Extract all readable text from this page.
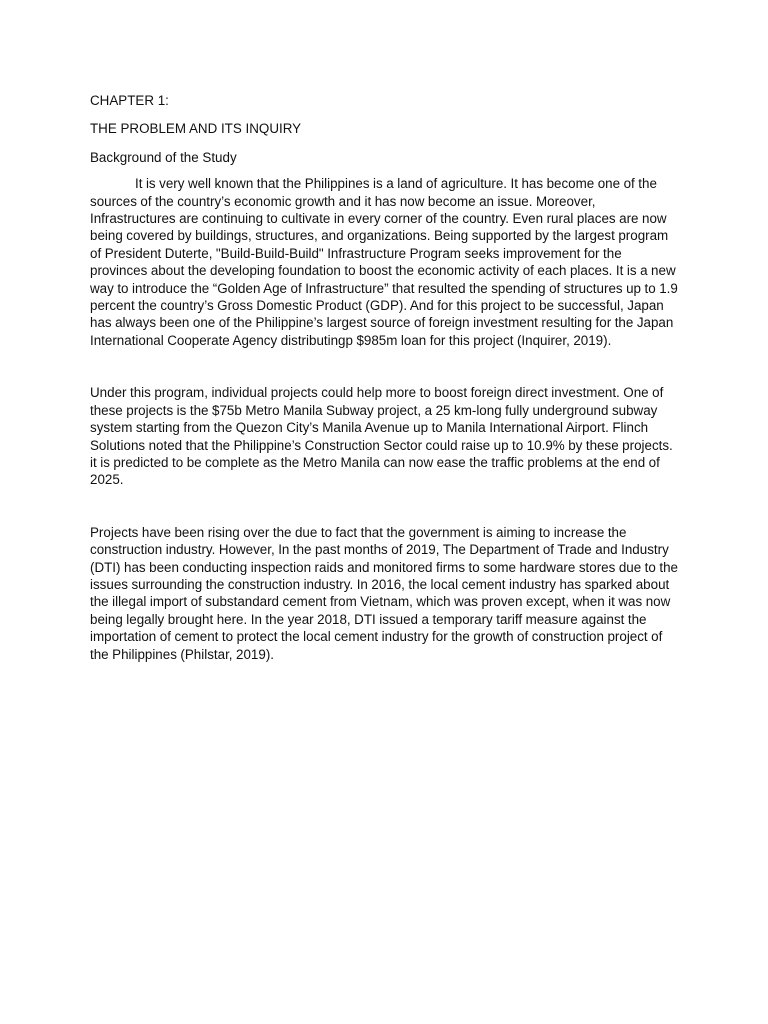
CHAPTER 1:

THE PROBLEM AND ITS INQUIRY

Background of the Study

It is very well known that the Philippines is a land of agriculture. It has become one of the sources of the country’s economic growth and it has now become an issue. Moreover, Infrastructures are continuing to cultivate in every corner of the country. Even rural places are now being covered by buildings, structures, and organizations. Being supported by the largest program of President Duterte, "Build-Build-Build" Infrastructure Program seeks improvement for the provinces about the developing foundation to boost the economic activity of each places. It is a new way to introduce the “Golden Age of Infrastructure” that resulted the spending of structures up to 1.9 percent the country’s Gross Domestic Product (GDP). And for this project to be successful, Japan has always been one of the Philippine’s largest source of foreign investment resulting for the Japan International Cooperate Agency distributingp $985m loan for this project (Inquirer, 2019).

Under this program, individual projects could help more to boost foreign direct investment. One of these projects is the $75b Metro Manila Subway project, a 25 km-long fully underground subway system starting from the Quezon City’s Manila Avenue up to Manila International Airport. Flinch Solutions noted that the Philippine’s Construction Sector could raise up to 10.9% by these projects. it is predicted to be complete as the Metro Manila can now ease the traffic problems at the end of 2025.

Projects have been rising over the due to fact that the government is aiming to increase the construction industry. However, In the past months of 2019, The Department of Trade and Industry (DTI) has been conducting inspection raids and monitored firms to some hardware stores due to the issues surrounding the construction industry. In 2016, the local cement industry has sparked about the illegal import of substandard cement from Vietnam, which was proven except, when it was now being legally brought here. In the year 2018, DTI issued a temporary tariff measure against the importation of cement to protect the local cement industry for the growth of construction project of the Philippines (Philstar, 2019).
